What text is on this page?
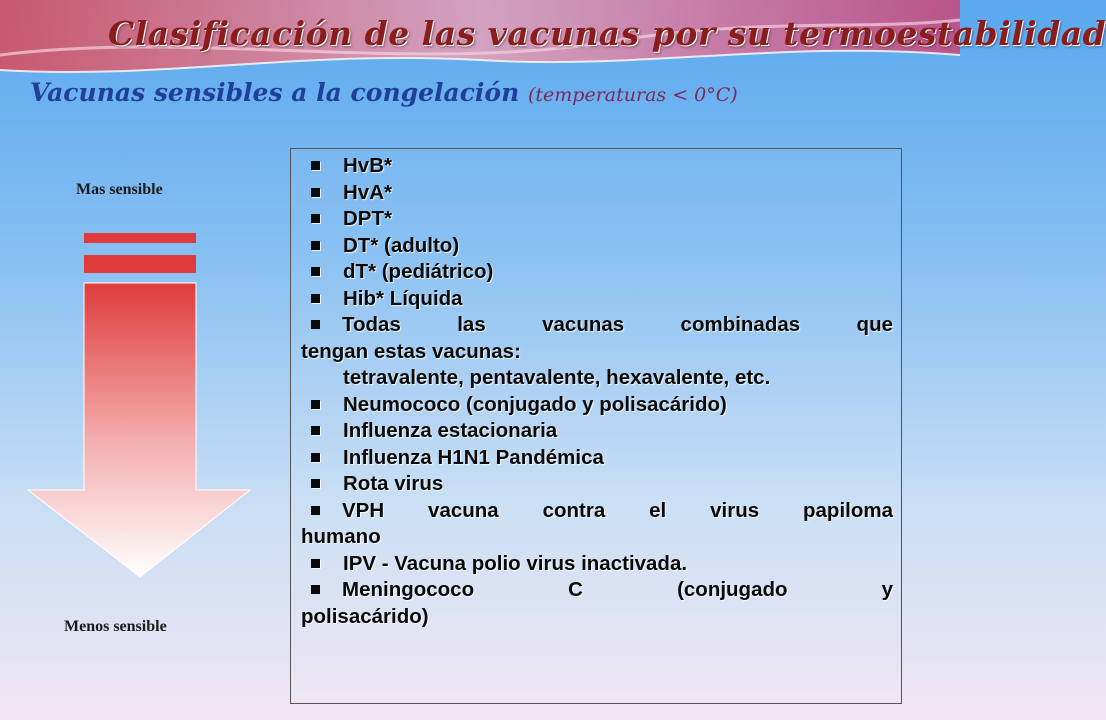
Clasificación de las vacunas por su termoestabilidad
Vacunas sensibles a la congelación (temperaturas < 0°C)
Mas sensible
Menos sensible
HvB*
HvA*
DPT*
DT* (adulto)
dT* (pediátrico)
Hib* Líquida
Todas las vacunas combinadas que
tengan estas vacunas:
tetravalente, pentavalente, hexavalente, etc.
Neumococo (conjugado y polisacárido)
Influenza estacionaria
Influenza H1N1 Pandémica
Rota virus
VPH vacuna contra el virus papiloma
humano
IPV - Vacuna polio virus inactivada.
Meningococo C (conjugado y
polisacárido)
